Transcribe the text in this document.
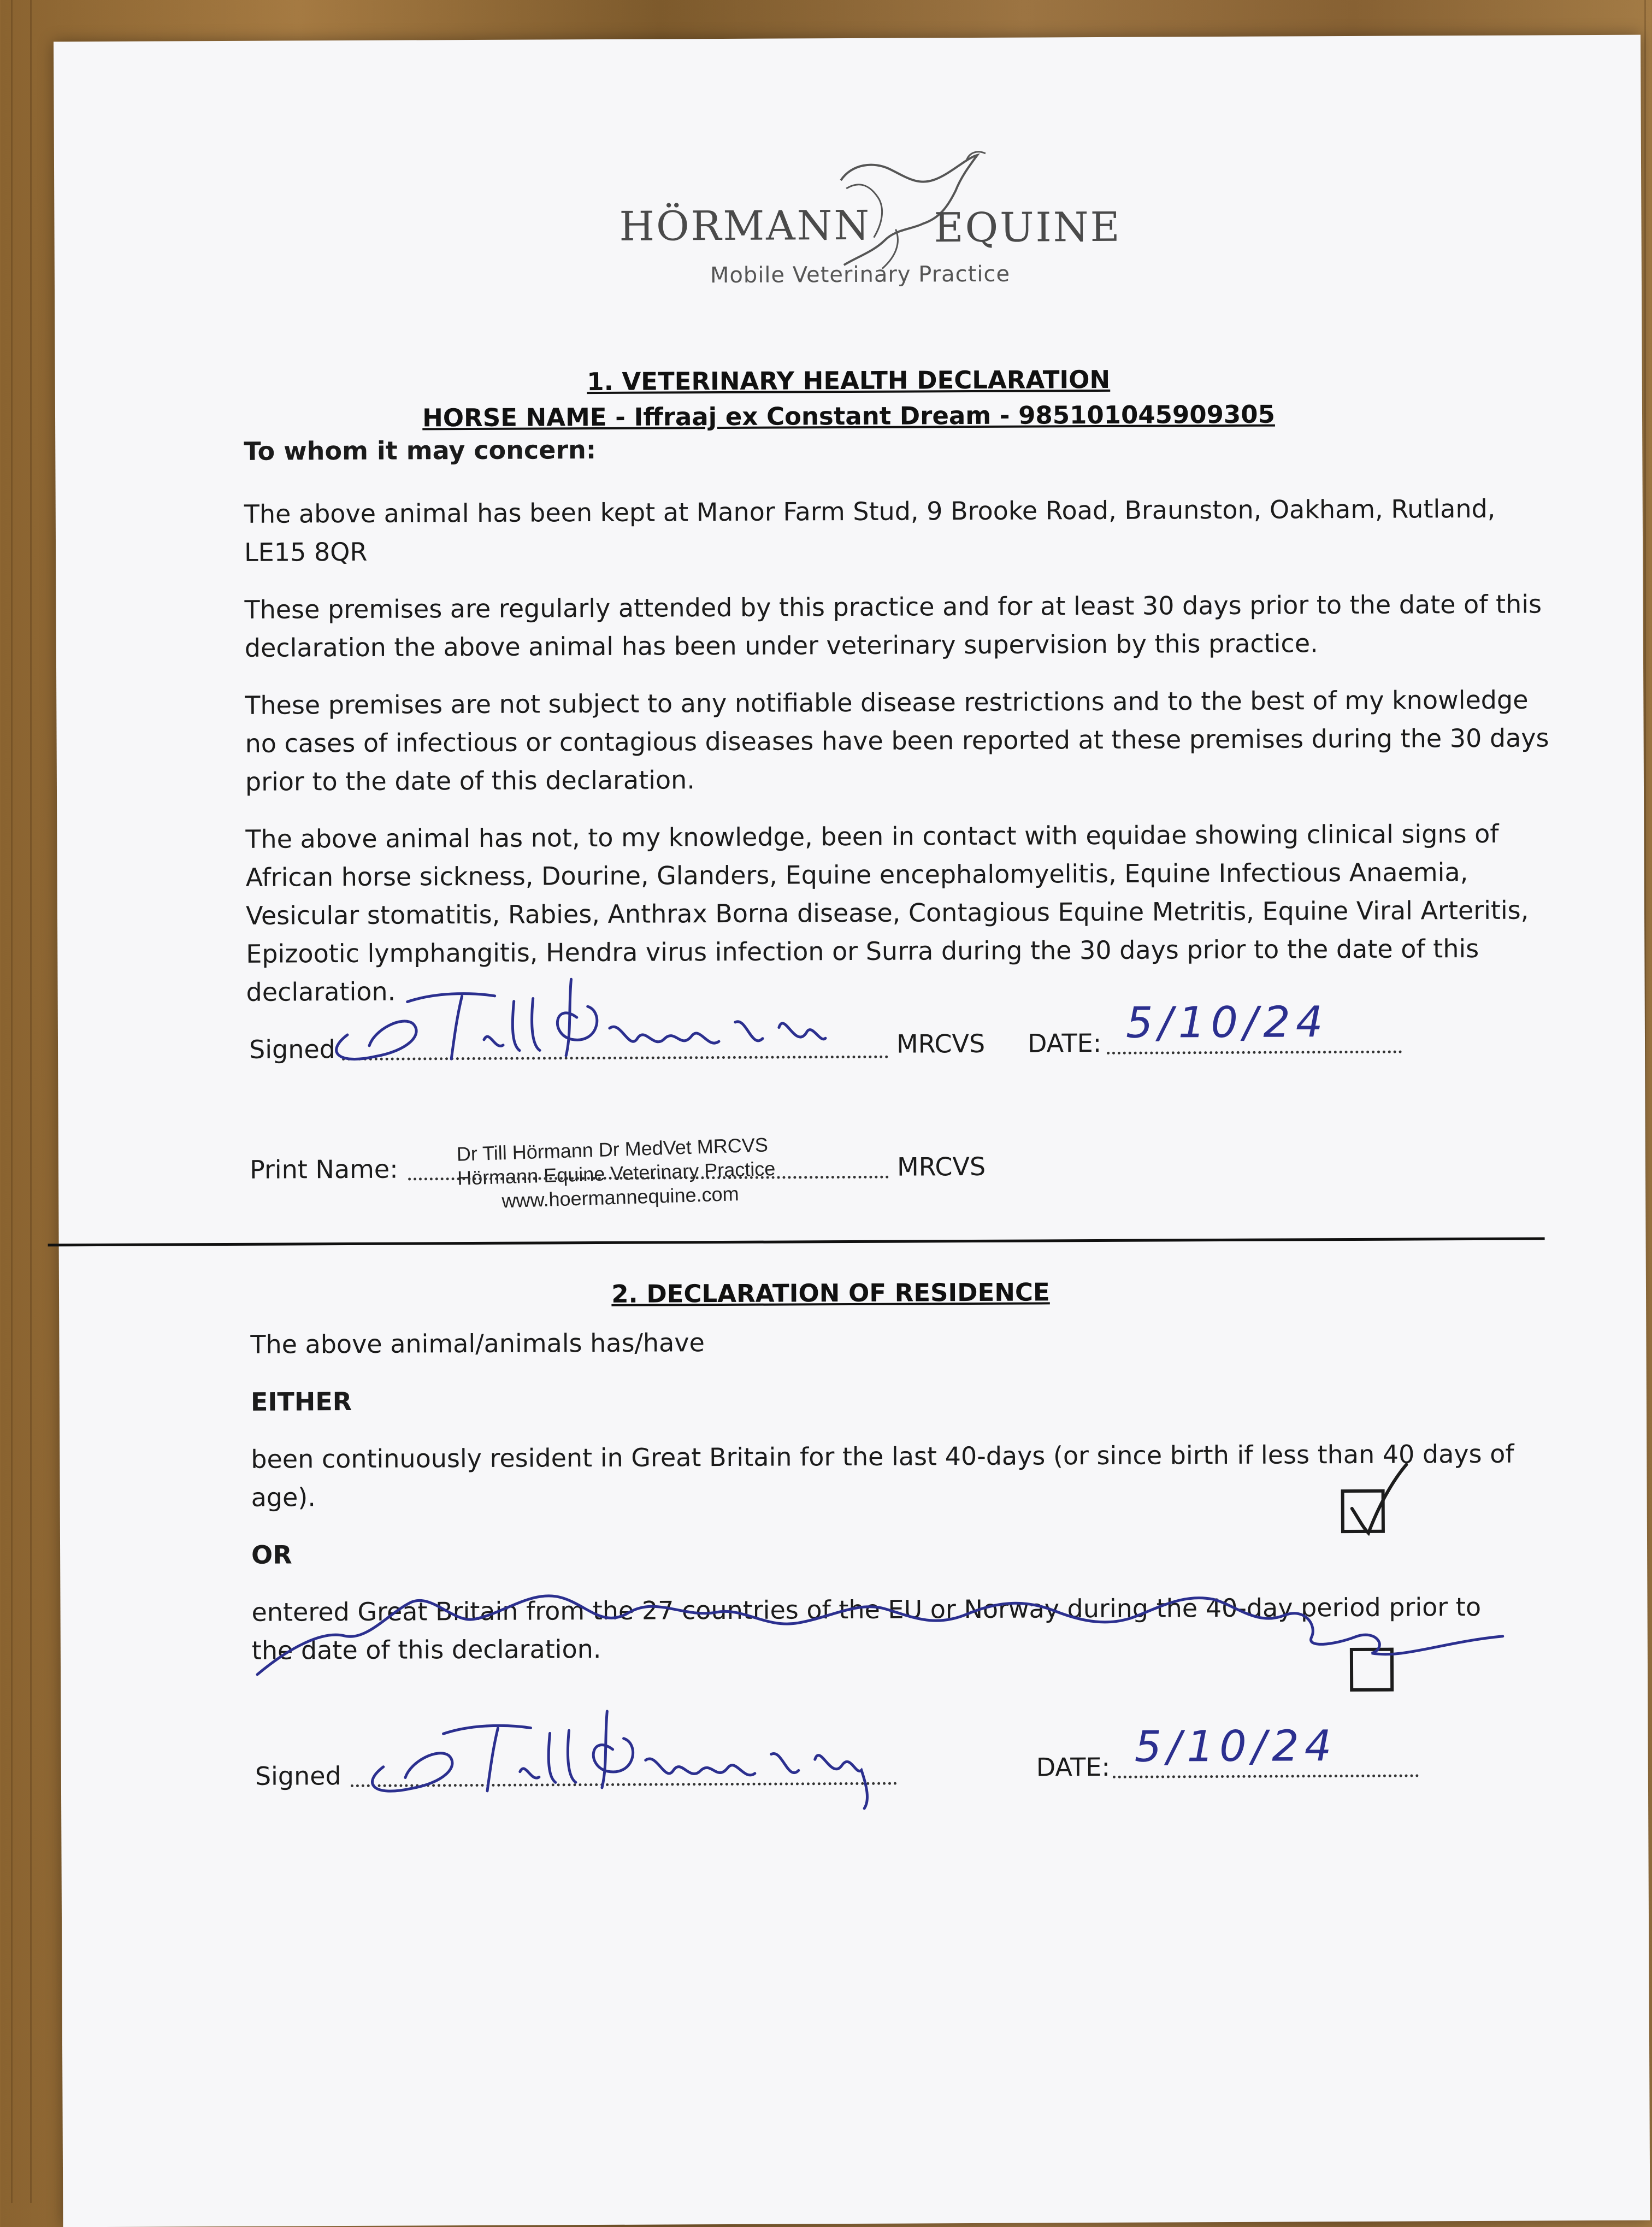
HÖRMANN EQUINE
Mobile Veterinary Practice
1. VETERINARY HEALTH DECLARATION
HORSE NAME - Iffraaj ex Constant Dream - 985101045909305
To whom it may concern:
The above animal has been kept at Manor Farm Stud, 9 Brooke Road, Braunston, Oakham, Rutland,
LE15 8QR
These premises are regularly attended by this practice and for at least 30 days prior to the date of this
declaration the above animal has been under veterinary supervision by this practice.
These premises are not subject to any notifiable disease restrictions and to the best of my knowledge
no cases of infectious or contagious diseases have been reported at these premises during the 30 days
prior to the date of this declaration.
The above animal has not, to my knowledge, been in contact with equidae showing clinical signs of
African horse sickness, Dourine, Glanders, Equine encephalomyelitis, Equine Infectious Anaemia,
Vesicular stomatitis, Rabies, Anthrax Borna disease, Contagious Equine Metritis, Equine Viral Arteritis,
Epizootic lymphangitis, Hendra virus infection or Surra during the 30 days prior to the date of this
declaration.
Signed	MRCVS DATE: 5/10/24
Dr Till Hörmann Dr MedVet MRCVS
Hörmann Equine Veterinary Practice
www.hoermannequine.com
Print Name:	MRCVS
2. DECLARATION OF RESIDENCE
The above animal/animals has/have
EITHER
been continuously resident in Great Britain for the last 40-days (or since birth if less than 40 days of
age).
OR
entered Great Britain from the 27 countries of the EU or Norway during the 40-day period prior to
the date of this declaration.
Signed	DATE: 5/10/24
